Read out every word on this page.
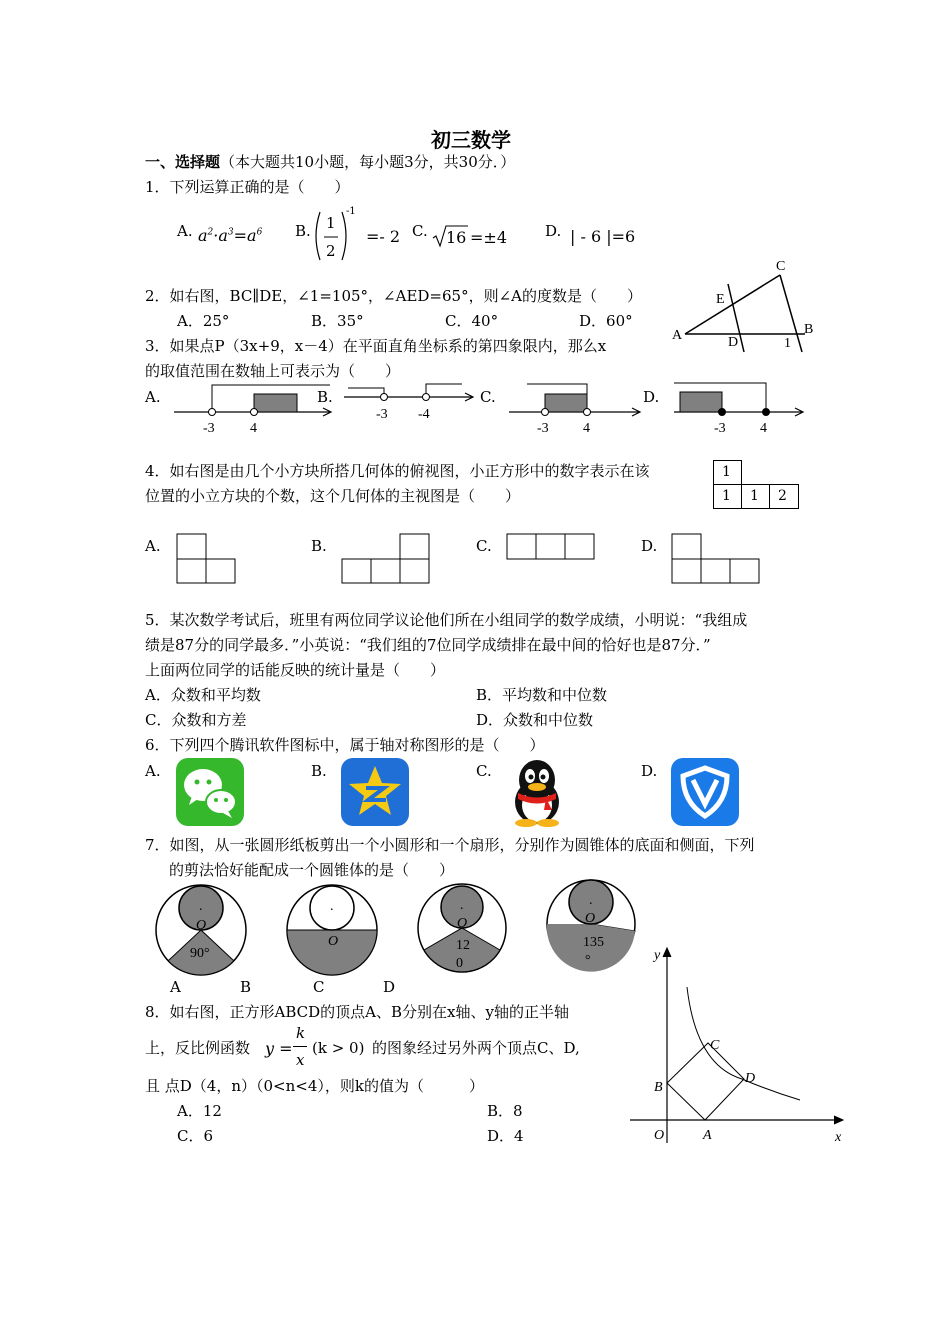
初三数学
一、选择题（本大题共10小题，每小题3分，共30分．）
1．下列运算正确的是（　　）
A. $a^2\cdot a^3=a^6$ B. 1
2
-1
=- 2 C. 16 =±4	D. | - 6 |=6
2．如右图，BC∥DE，∠1=105°，∠AED=65°，则∠A的度数是（　　）
A．25°	B．35°	C．40°	D．60°
A	B
C
D
E
1
3．如果点P（3x+9，x－4）在平面直角坐标系的第四象限内，那么x
的取值范围在数轴上可表示为（　　）
A.	B.	C.	D.
-3	4
-3 -4
-3 4	-3 4
4．如右图是由几个小方块所搭几何体的俯视图，小正方形中的数字表示在该
位置的小立方块的个数，这个几何体的主视图是（　　）
1
1 1 2
A.	B.	C.	D.
5．某次数学考试后，班里有两位同学议论他们所在小组同学的数学成绩，小明说：“我组成
绩是87分的同学最多．”小英说：“我们组的7位同学成绩排在最中间的恰好也是87分．”
上面两位同学的话能反映的统计量是（　　）
A．众数和平均数	B．平均数和中位数
C．众数和方差	D．众数和中位数
6．下列四个腾讯软件图标中，属于轴对称图形的是（　　）
A.	B.	C.	D.
7．如图，从一张圆形纸板剪出一个小圆形和一个扇形，分别作为圆锥体的底面和侧面，下列
的剪法恰好能配成一个圆锥体的是（　　）
.
O
90°
.
O
.
O
12
0
.
O
135
°
A	B	C	D
8．如右图，正方形ABCD的顶点A、B分别在x轴、y轴的正半轴
上，反比例函数 y =
k
x
(k > 0) 的图象经过另外两个顶点C、D,
且 点D（4，n）（0<n<4），则k的值为（　　　）
A．12	B．8
C．6	D．4
y
x
O	A
B
C
D
